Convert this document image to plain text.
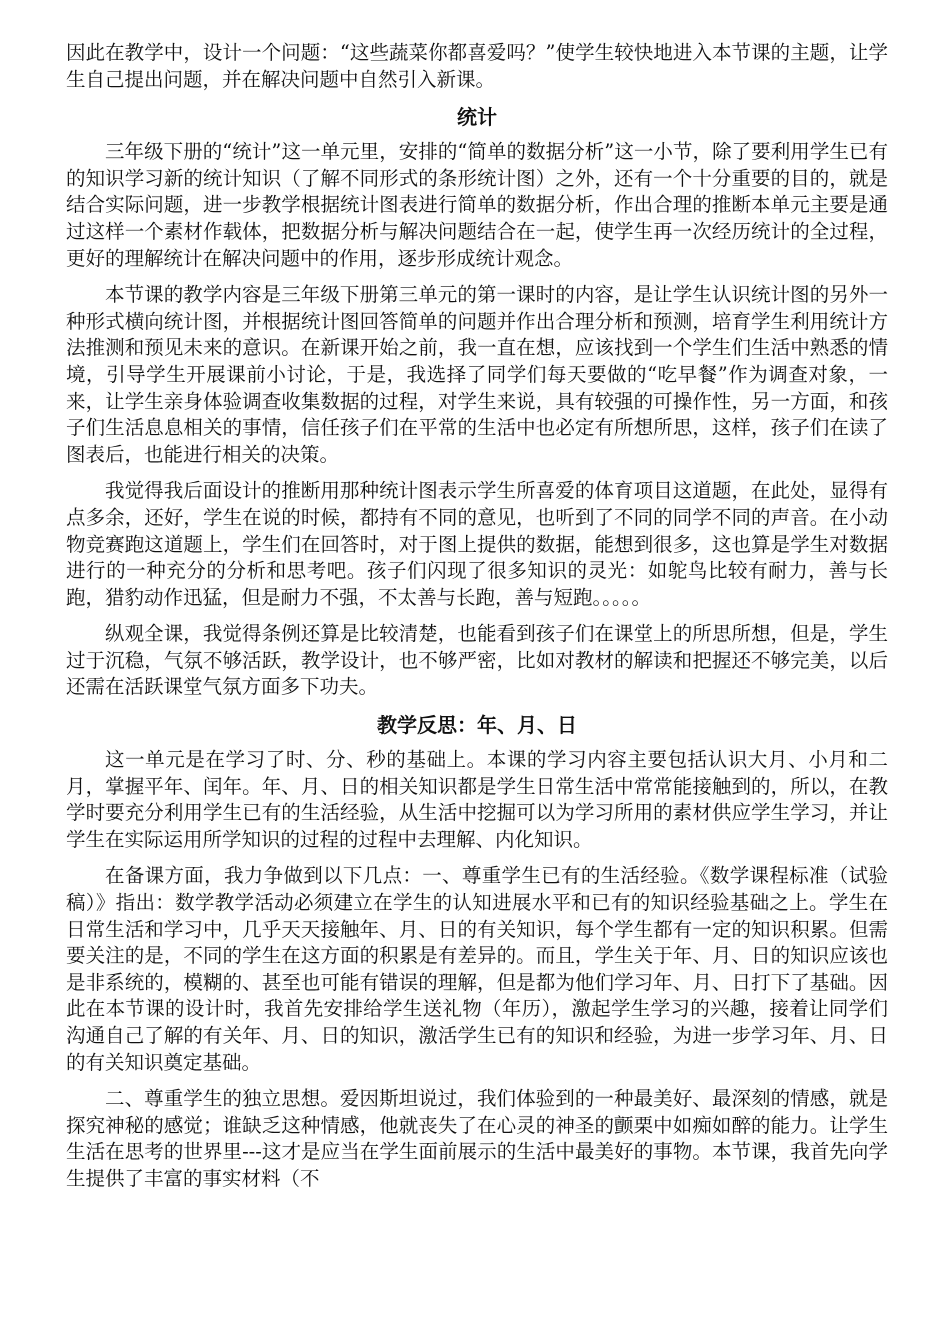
因此在教学中，设计一个问题：“这些蔬菜你都喜爱吗？”使学生较快地进入本节课的主题，让学生自己提出问题，并在解决问题中自然引入新课。

统计

三年级下册的“统计”这一单元里，安排的“简单的数据分析”这一小节，除了要利用学生已有的知识学习新的统计知识（了解不同形式的条形统计图）之外，还有一个十分重要的目的，就是结合实际问题，进一步教学根据统计图表进行简单的数据分析，作出合理的推断本单元主要是通过这样一个素材作载体，把数据分析与解决问题结合在一起，使学生再一次经历统计的全过程，更好的理解统计在解决问题中的作用，逐步形成统计观念。

本节课的教学内容是三年级下册第三单元的第一课时的内容，是让学生认识统计图的另外一种形式横向统计图，并根据统计图回答简单的问题并作出合理分析和预测，培育学生利用统计方法推测和预见未来的意识。在新课开始之前，我一直在想，应该找到一个学生们生活中熟悉的情境，引导学生开展课前小讨论，于是，我选择了同学们每天要做的“吃早餐”作为调查对象，一来，让学生亲身体验调查收集数据的过程，对学生来说，具有较强的可操作性，另一方面，和孩子们生活息息相关的事情，信任孩子们在平常的生活中也必定有所想所思，这样，孩子们在读了图表后，也能进行相关的决策。

我觉得我后面设计的推断用那种统计图表示学生所喜爱的体育项目这道题，在此处，显得有点多余，还好，学生在说的时候，都持有不同的意见，也听到了不同的同学不同的声音。在小动物竞赛跑这道题上，学生们在回答时，对于图上提供的数据，能想到很多，这也算是学生对数据进行的一种充分的分析和思考吧。孩子们闪现了很多知识的灵光：如鸵鸟比较有耐力，善与长跑，猎豹动作迅猛，但是耐力不强，不太善与长跑，善与短跑。。。。。

纵观全课，我觉得条例还算是比较清楚，也能看到孩子们在课堂上的所思所想，但是，学生过于沉稳，气氛不够活跃，教学设计，也不够严密，比如对教材的解读和把握还不够完美，以后还需在活跃课堂气氛方面多下功夫。

教学反思：年、月、日

这一单元是在学习了时、分、秒的基础上。本课的学习内容主要包括认识大月、小月和二月，掌握平年、闰年。年、月、日的相关知识都是学生日常生活中常常能接触到的，所以，在教学时要充分利用学生已有的生活经验，从生活中挖掘可以为学习所用的素材供应学生学习，并让学生在实际运用所学知识的过程的过程中去理解、内化知识。

在备课方面，我力争做到以下几点：一、尊重学生已有的生活经验。《数学课程标准（试验稿）》指出：数学教学活动必须建立在学生的认知进展水平和已有的知识经验基础之上。学生在日常生活和学习中，几乎天天接触年、月、日的有关知识，每个学生都有一定的知识积累。但需要关注的是，不同的学生在这方面的积累是有差异的。而且，学生关于年、月、日的知识应该也是非系统的，模糊的、甚至也可能有错误的理解，但是都为他们学习年、月、日打下了基础。因此在本节课的设计时，我首先安排给学生送礼物（年历），激起学生学习的兴趣，接着让同学们沟通自己了解的有关年、月、日的知识，激活学生已有的知识和经验，为进一步学习年、月、日的有关知识奠定基础。

二、尊重学生的独立思想。爱因斯坦说过，我们体验到的一种最美好、最深刻的情感，就是探究神秘的感觉；谁缺乏这种情感，他就丧失了在心灵的神圣的颤栗中如痴如醉的能力。让学生生活在思考的世界里---这才是应当在学生面前展示的生活中最美好的事物。本节课，我首先向学生提供了丰富的事实材料（不
